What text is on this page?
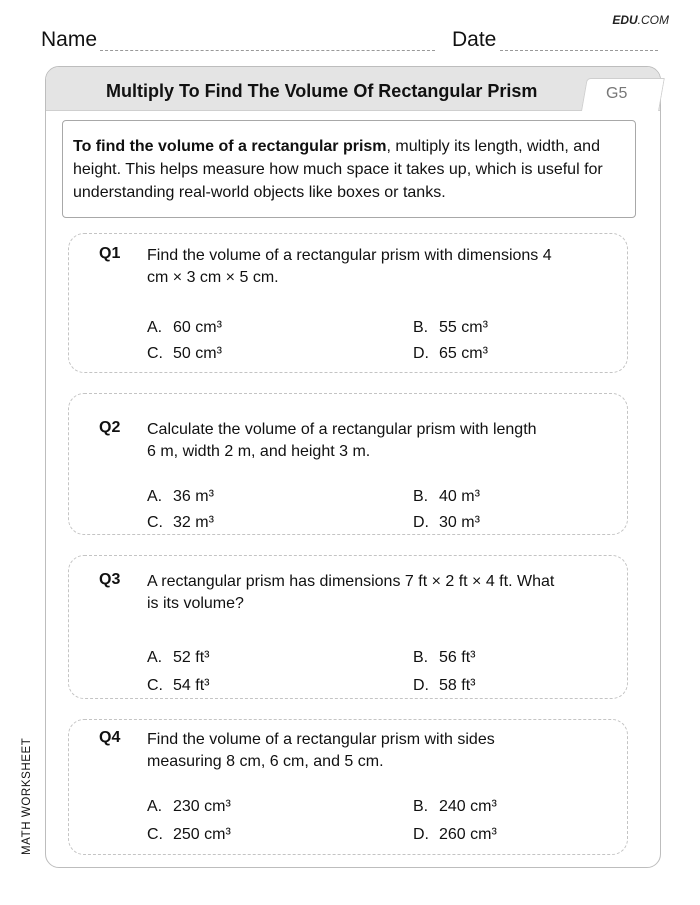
EDU.COM
Name	Date
Multiply To Find The Volume Of Rectangular Prism	G5
To find the volume of a rectangular prism, multiply its length, width, and height. This helps measure how much space it takes up, which is useful for understanding real-world objects like boxes or tanks.
Q1 Find the volume of a rectangular prism with dimensions 4
cm × 3 cm × 5 cm.
A. 60 cm³	B. 55 cm³
C. 50 cm³	D. 65 cm³
Q2 Calculate the volume of a rectangular prism with length
6 m, width 2 m, and height 3 m.
A. 36 m³	B. 40 m³
C. 32 m³	D. 30 m³
Q3 A rectangular prism has dimensions 7 ft × 2 ft × 4 ft. What
is its volume?
A. 52 ft³	B. 56 ft³
C. 54 ft³	D. 58 ft³
Q4 Find the volume of a rectangular prism with sides
measuring 8 cm, 6 cm, and 5 cm.
A. 230 cm³	B. 240 cm³
C. 250 cm³	D. 260 cm³
MATH WORKSHEET
